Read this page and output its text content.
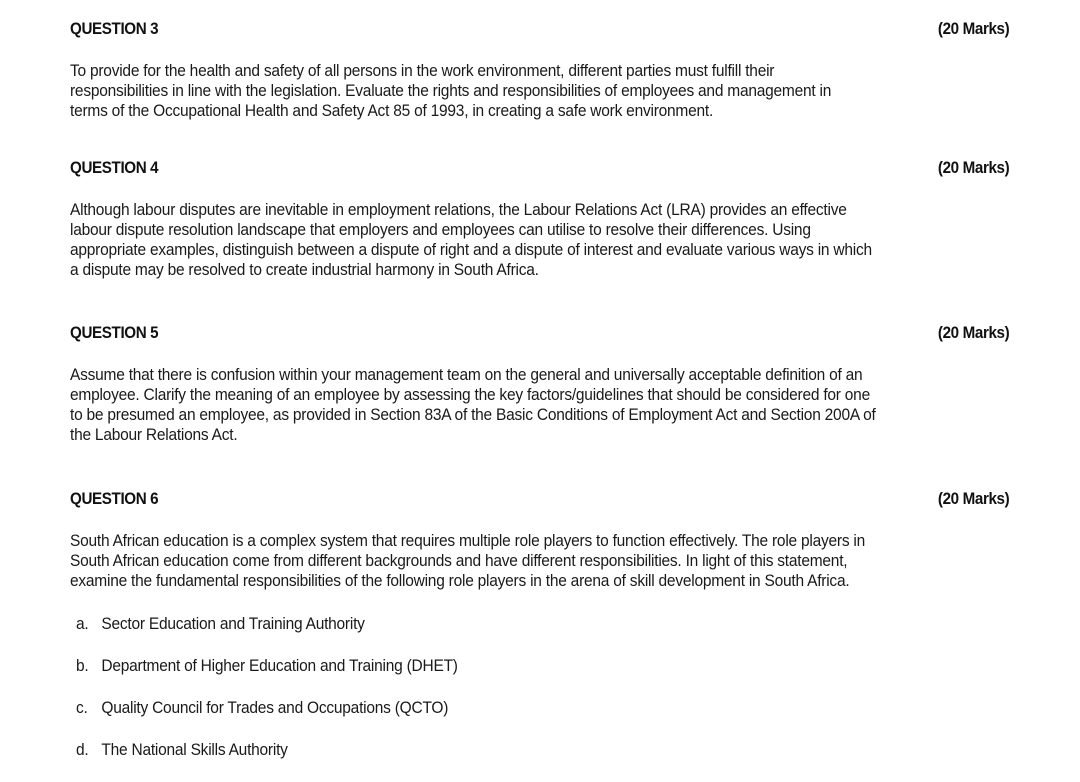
QUESTION 3	(20 Marks)

To provide for the health and safety of all persons in the work environment, different parties must fulfill their
responsibilities in line with the legislation. Evaluate the rights and responsibilities of employees and management in
terms of the Occupational Health and Safety Act 85 of 1993, in creating a safe work environment.

QUESTION 4	(20 Marks)

Although labour disputes are inevitable in employment relations, the Labour Relations Act (LRA) provides an effective
labour dispute resolution landscape that employers and employees can utilise to resolve their differences. Using
appropriate examples, distinguish between a dispute of right and a dispute of interest and evaluate various ways in which
a dispute may be resolved to create industrial harmony in South Africa.

QUESTION 5	(20 Marks)

Assume that there is confusion within your management team on the general and universally acceptable definition of an
employee. Clarify the meaning of an employee by assessing the key factors/guidelines that should be considered for one
to be presumed an employee, as provided in Section 83A of the Basic Conditions of Employment Act and Section 200A of
the Labour Relations Act.

QUESTION 6	(20 Marks)

South African education is a complex system that requires multiple role players to function effectively. The role players in
South African education come from different backgrounds and have different responsibilities. In light of this statement,
examine the fundamental responsibilities of the following role players in the arena of skill development in South Africa.

a. Sector Education and Training Authority
b. Department of Higher Education and Training (DHET)
c. Quality Council for Trades and Occupations (QCTO)
d. The National Skills Authority
